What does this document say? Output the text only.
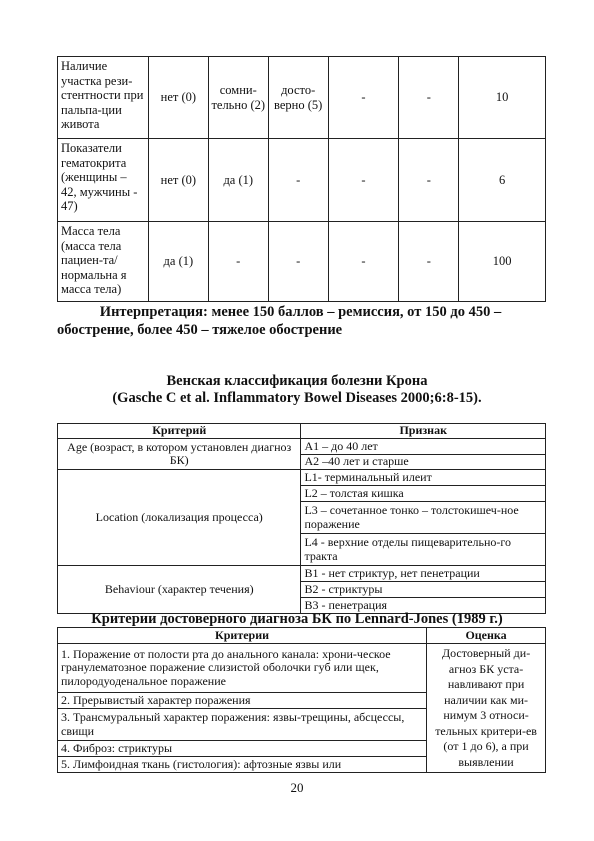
Наличие участка рези-стентности при пальпа-ции живота	нет (0)	сомни-тельно (2)	досто-верно (5)	-	-	10
Показатели гематокрита (женщины – 42, мужчины - 47)	нет (0)	да (1)	-	-	-	6
Масса тела (масса тела пациен-та/нормальна я масса тела)	да (1)	-	-	-	-	100
Интерпретация: менее 150 баллов – ремиссия, от 150 до 450 –
обострение, более 450 – тяжелое обострение
Венская классификация болезни Крона
(Gasche C et al. Inflammatory Bowel Diseases 2000;6:8-15).
Критерий	Признак
Age (возраст, в котором установлен диагноз БК)	А1 – до 40 лет
	А2 –40 лет и старше
Location (локализация процесса)	L1- терминальный илеит
	L2 – толстая кишка
	L3 – сочетанное тонко – толстокишеч-ное поражение
	L4 - верхние отделы пищеварительно-го тракта
Behaviour (характер течения)	B1 - нет стриктур, нет пенетрации
	B2 - стриктуры
	B3 - пенетрация
Критерии достоверного диагноза БК по Lennard-Jones (1989 г.)
Критерии	Оценка
1. Поражение от полости рта до анального канала: хрони-ческое гранулематозное поражение слизистой оболочки губ или щек, пилородуоденальное поражение	Достоверный ди-агноз БК уста-навливают при наличии как ми-нимум 3 относи-тельных критери-ев (от 1 до 6), а при выявлении
2. Прерывистый характер поражения	
3. Трансмуральный характер поражения: язвы-трещины, абсцессы, свищи	
4. Фиброз: стриктуры	
5. Лимфоидная ткань (гистология): афтозные язвы или	
20
